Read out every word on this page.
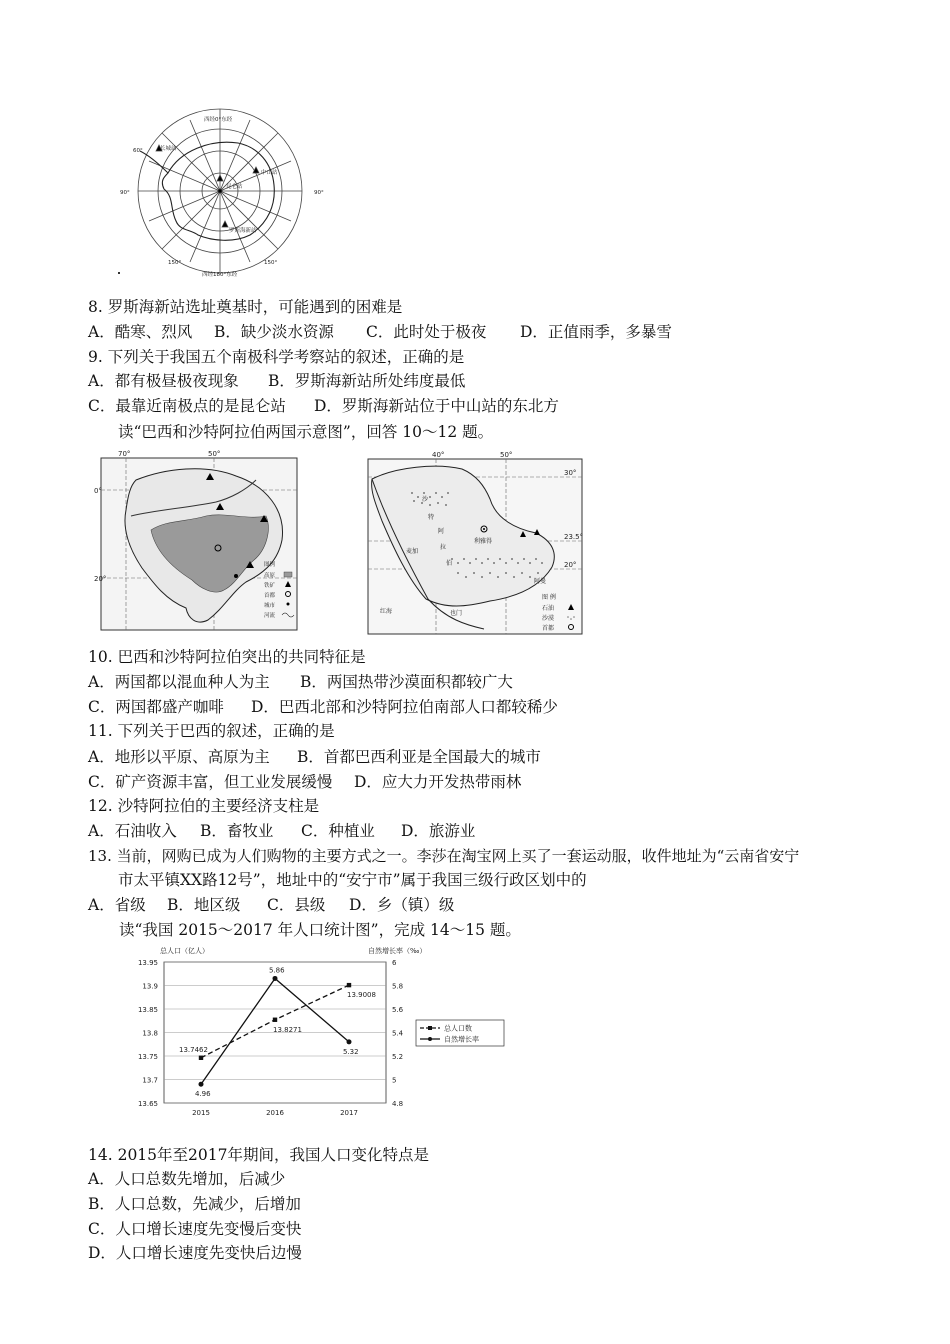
西经0°东经
西经180°东经
60°
90°	90°
150°	150°
长城站
昆仑站
中山站
罗斯海新站
8. 罗斯海新站选址奠基时，可能遇到的困难是
A．酷寒、烈风 B．缺少淡水资源 C．此时处于极夜 D．正值雨季，多暴雪
9. 下列关于我国五个南极科学考察站的叙述，正确的是
A．都有极昼极夜现象 B．罗斯海新站所处纬度最低
C．最靠近南极点的是昆仑站 D．罗斯海新站位于中山站的东北方
读“巴西和沙特阿拉伯两国示意图”，回答 10～12 题。
70°	50°
0°
20°
图例
高原
铁矿
首都
城市
河流
40°	50°
30°
23.5°
20°
沙
特
阿
拉
伯
麦加
利雅得
阿曼
也门
红海
图 例
石油
沙漠
首都
10. 巴西和沙特阿拉伯突出的共同特征是
A．两国都以混血种人为主 B．两国热带沙漠面积都较广大
C．两国都盛产咖啡 D．巴西北部和沙特阿拉伯南部人口都较稀少
11. 下列关于巴西的叙述，正确的是
A．地形以平原、高原为主 B．首都巴西利亚是全国最大的城市
C．矿产资源丰富，但工业发展缓慢 D．应大力开发热带雨林
12. 沙特阿拉伯的主要经济支柱是
A．石油收入 B．畜牧业 C．种植业 D．旅游业
13. 当前，网购已成为人们购物的主要方式之一。李莎在淘宝网上买了一套运动服，收件地址为“云南省安宁
市太平镇XX路12号”，地址中的“安宁市”属于我国三级行政区划中的
A．省级 B．地区级 C．县级 D．乡（镇）级
读“我国 2015～2017 年人口统计图”，完成 14～15 题。
总人口（亿人）	自然增长率（‰）
13.95
13.9
13.85
13.8
13.75
13.7
13.65
6
5.8
5.6
5.4
5.2
5
4.8
2015	2016	2017
13.7462
13.8271
13.9008
4.96
5.86
5.32
总人口数
自然增长率
14. 2015年至2017年期间，我国人口变化特点是
A．人口总数先增加，后减少
B．人口总数，先减少，后增加
C．人口增长速度先变慢后变快
D．人口增长速度先变快后边慢
